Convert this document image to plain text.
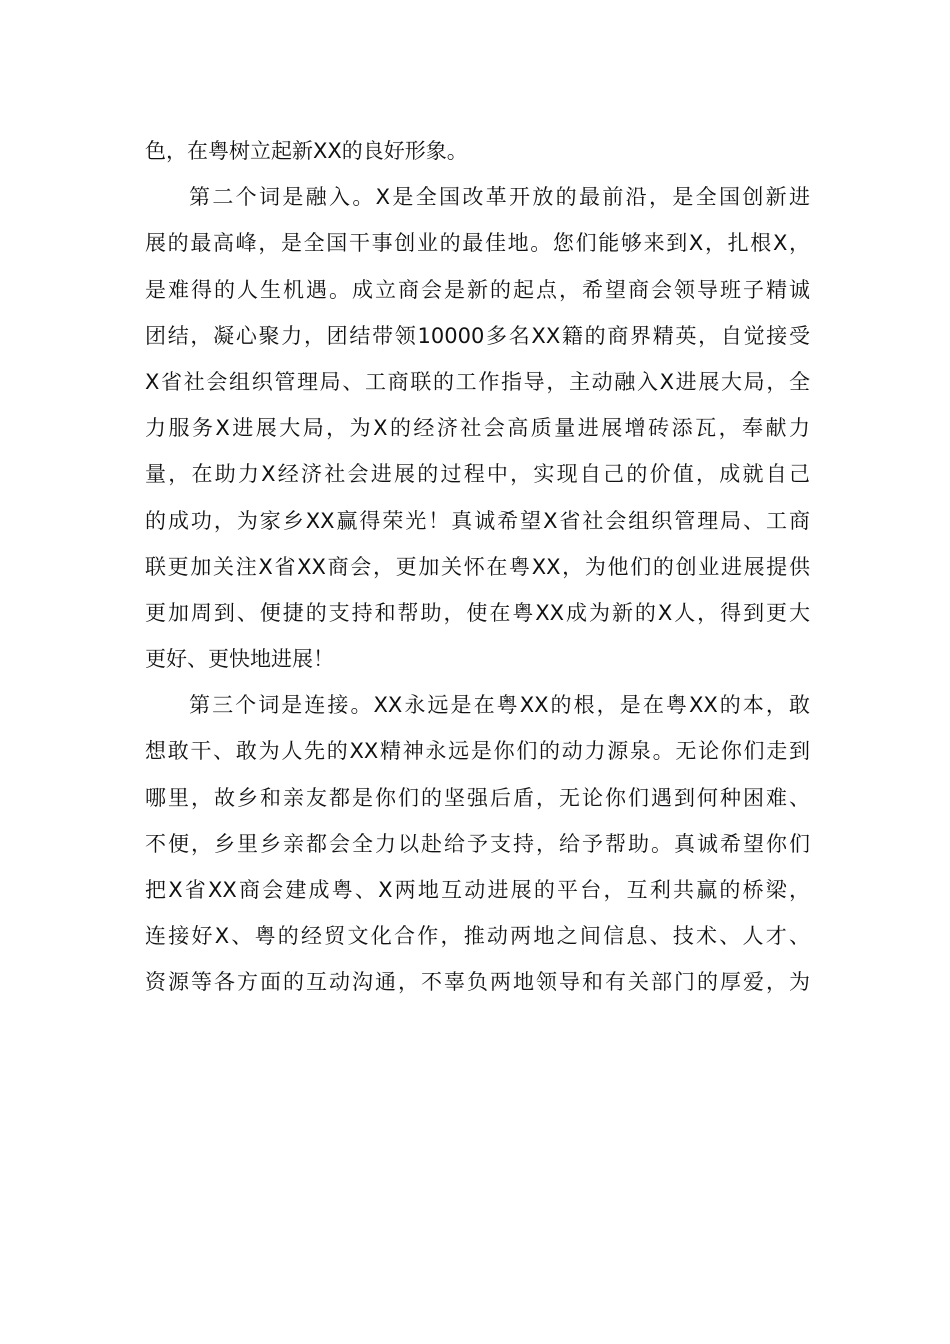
色，在粤树立起新XX的良好形象。
第二个词是融入。X是全国改革开放的最前沿，是全国创新进
展的最高峰，是全国干事创业的最佳地。您们能够来到X，扎根X，
是难得的人生机遇。成立商会是新的起点，希望商会领导班子精诚
团结，凝心聚力，团结带领10000多名XX籍的商界精英，自觉接受
X省社会组织管理局、工商联的工作指导，主动融入X进展大局，全
力服务X进展大局，为X的经济社会高质量进展增砖添瓦，奉献力
量，在助力X经济社会进展的过程中，实现自己的价值，成就自己
的成功，为家乡XX赢得荣光！真诚希望X省社会组织管理局、工商
联更加关注X省XX商会，更加关怀在粤XX，为他们的创业进展提供
更加周到、便捷的支持和帮助，使在粤XX成为新的X人，得到更大
更好、更快地进展！
第三个词是连接。XX永远是在粤XX的根，是在粤XX的本，敢
想敢干、敢为人先的XX精神永远是你们的动力源泉。无论你们走到
哪里，故乡和亲友都是你们的坚强后盾，无论你们遇到何种困难、
不便，乡里乡亲都会全力以赴给予支持，给予帮助。真诚希望你们
把X省XX商会建成粤、X两地互动进展的平台，互利共赢的桥梁，
连接好X、粤的经贸文化合作，推动两地之间信息、技术、人才、
资源等各方面的互动沟通，不辜负两地领导和有关部门的厚爱，为
